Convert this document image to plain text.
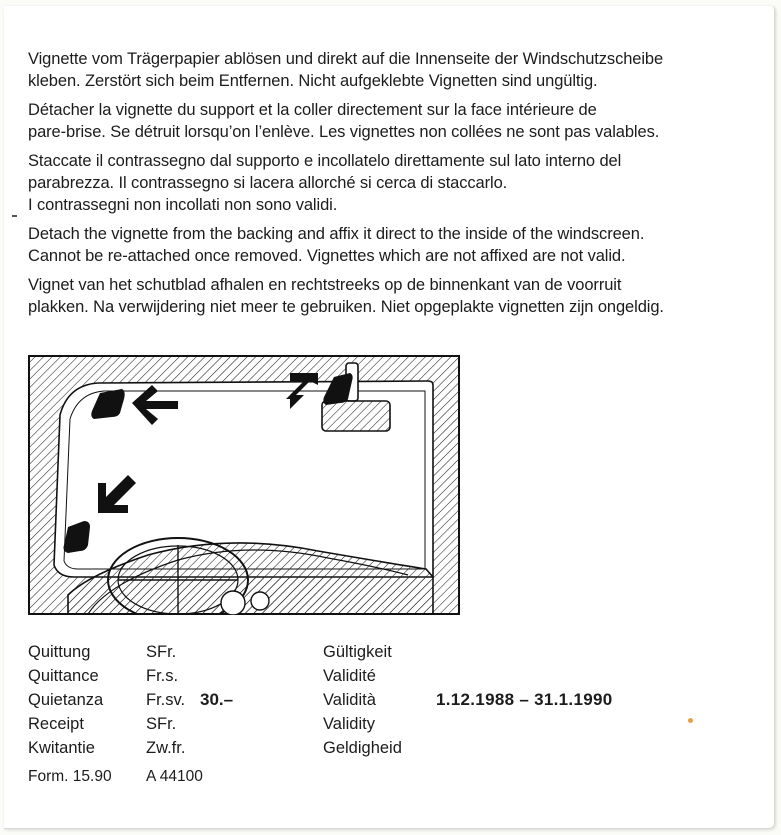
Vignette vom Trägerpapier ablösen und direkt auf die Innenseite der Windschutzscheibe
kleben. Zerstört sich beim Entfernen. Nicht aufgeklebte Vignetten sind ungültig.

Détacher la vignette du support et la coller directement sur la face intérieure de
pare-brise. Se détruit lorsqu’on l’enlève. Les vignettes non collées ne sont pas valables.

Staccate il contrassegno dal supporto e incollatelo direttamente sul lato interno del
parabrezza. Il contrassegno si lacera allorché si cerca di staccarlo.
I contrassegni non incollati non sono validi.

Detach the vignette from the backing and affix it direct to the inside of the windscreen.
Cannot be re-attached once removed. Vignettes which are not affixed are not valid.

Vignet van het schutblad afhalen en rechtstreeks op de binnenkant van de voorruit
plakken. Na verwijdering niet meer te gebruiken. Niet opgeplakte vignetten zijn ongeldig.

Quittung
Quittance
Quietanza
Receipt
Kwitantie
SFr.
Fr.s.
Fr.sv.
SFr.
Zw.fr.
30.–
Gültigkeit
Validité
Validità
Validity
Geldigheid
1.12.1988 – 31.1.1990
Form. 15.90 A 44100
